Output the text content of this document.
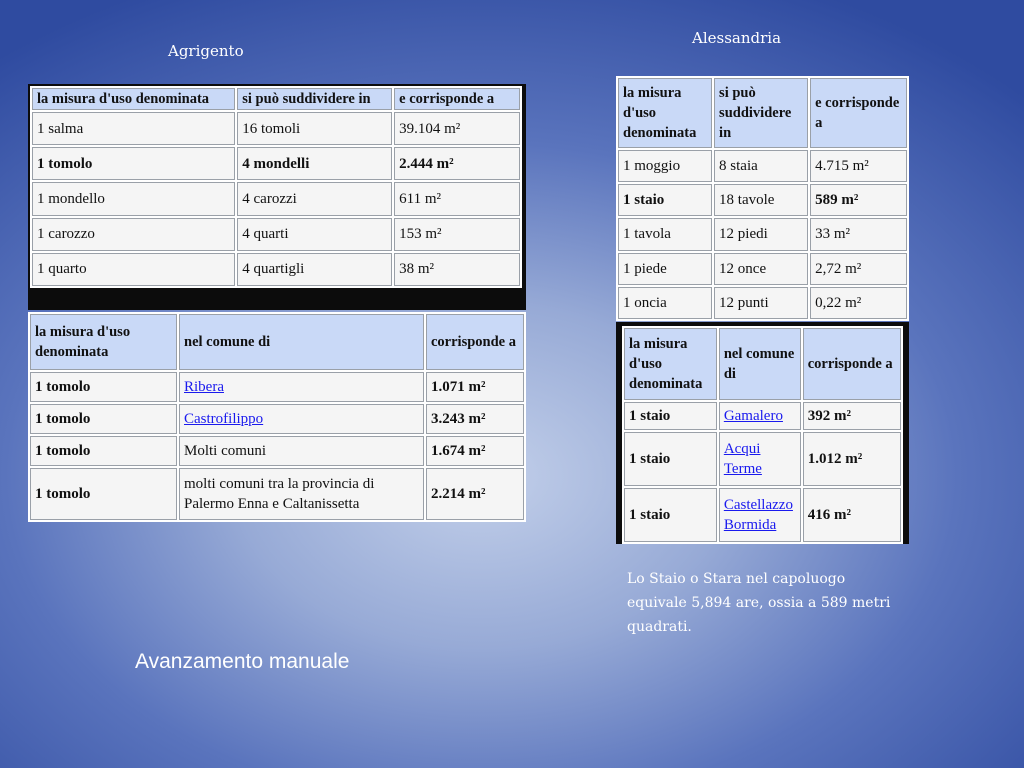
Agrigento
Alessandria
la misura d'uso denominata	si può suddividere in	e corrisponde a
1 salma	16 tomoli	39.104 m²
1 tomolo	4 mondelli	2.444 m²
1 mondello	4 carozzi	611 m²
1 carozzo	4 quarti	153 m²
1 quarto	4 quartigli	38 m²
la misura d'uso denominata	nel comune di	corrisponde a
1 tomolo	Ribera	1.071 m²
1 tomolo	Castrofilippo	3.243 m²
1 tomolo	Molti comuni	1.674 m²
1 tomolo	molti comuni tra la provincia di Palermo Enna e Caltanissetta	2.214 m²
la misura d'uso denominata	si può suddividere in	e corrisponde a
1 moggio	8 staia	4.715 m²
1 staio	18 tavole	589 m²
1 tavola	12 piedi	33 m²
1 piede	12 once	2,72 m²
1 oncia	12 punti	0,22 m²
la misura d'uso denominata	nel comune di	corrisponde a
1 staio	Gamalero	392 m²
1 staio	Acqui Terme	1.012 m²
1 staio	Castellazzo Bormida	416 m²
Lo Staio o Stara nel capoluogo equivale 5,894 are, ossia a 589 metri quadrati.
Avanzamento manuale
